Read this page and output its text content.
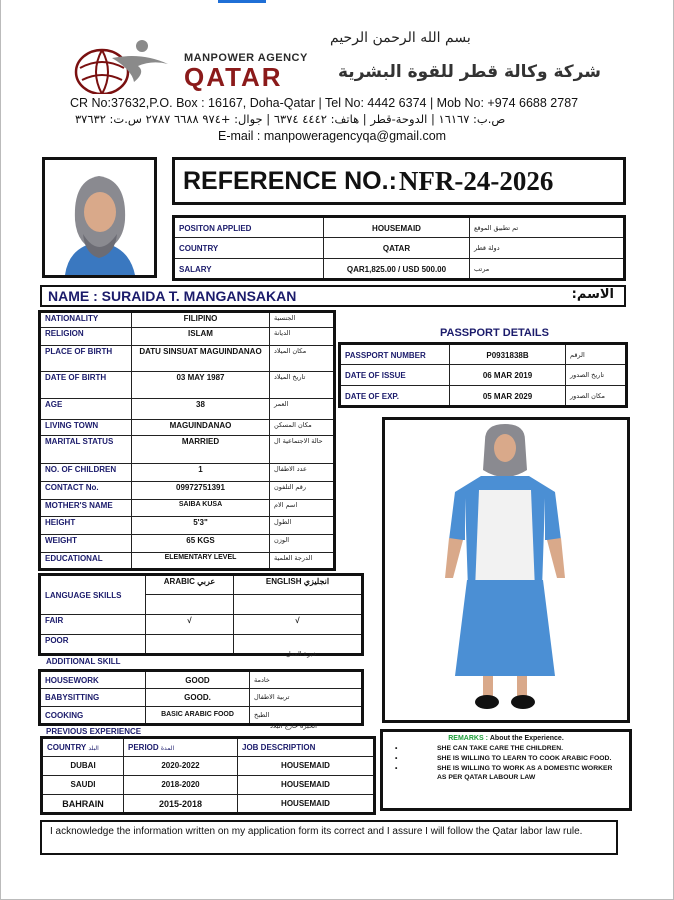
بسم الله الرحمن الرحيم
MANPOWER AGENCY
QATAR	شركة وكالة قطر للقوة البشرية
CR No:37632,P.O. Box : 16167, Doha-Qatar | Tel No: 4442 6374 | Mob No: +974 6688 2787
ص.ب: ١٦١٦٧ | الدوحة-قطر | هاتف: ٤٤٤٢ ٦٣٧٤ | جوال: +٩٧٤ ٦٦٨٨ ٢٧٨٧ س.ت: ٣٧٦٣٢
E-mail : manpoweragencyqa@gmail.com
REFERENCE NO.: NFR-24-2026
POSITON APPLIED	HOUSEMAID	تم تطبيق الموقع
COUNTRY	QATAR	دولة قطر
SALARY	QAR1,825.00 / USD 500.00	مرتب
NAME : SURAIDA T. MANGANSAKAN	الاسم:
NATIONALITY	FILIPINO	الجنسية
RELIGION	ISLAM	الديانة
PLACE OF BIRTH	DATU SINSUAT MAGUINDANAO	مكان الميلاد
DATE OF BIRTH	03 MAY 1987	تاريخ الميلاد
AGE	38	العمر
LIVING TOWN	MAGUINDANAO	مكان المسكن
MARITAL STATUS	MARRIED	حالة الاجتماعية ال
NO. OF CHILDREN	1	عدد الاطفال
CONTACT No.	09972751391	رقم التلفون
MOTHER'S NAME	SAIBA KUSA	اسم الام
HEIGHT	5'3"	الطول
WEIGHT	65 KGS	الوزن
EDUCATIONAL	ELEMENTARY LEVEL	الدرجة العلمية
PASSPORT DETAILS
PASSPORT NUMBER	P0931838B	الرقم
DATE OF ISSUE	06 MAR 2019	تاريخ الصدور
DATE OF EXP.	05 MAR 2029	مكان الصدور
LANGUAGE SKILLS	ARABIC عربي	ENGLISH انجليزي

FAIR	√	√
POOR		
ADDITIONAL SKILL
خبرة العمل
HOUSEWORK	GOOD	خادمة
BABYSITTING	GOOD.	تربية الاطفال
COOKING	BASIC ARABIC FOOD	الطبخ
PREVIOUS EXPERIENCE
الخبرة خارج البلاد
COUNTRY البلد	PERIOD المدة	JOB DESCRIPTION
DUBAI	2020-2022	HOUSEMAID
SAUDI	2018-2020	HOUSEMAID
BAHRAIN	2015-2018	HOUSEMAID
REMARKS : About the Experience.
•	SHE CAN TAKE CARE THE CHILDREN.
•	SHE IS WILLING TO LEARN TO COOK ARABIC FOOD.
•	SHE IS WILLING TO WORK AS A DOMESTIC WORKER AS PER QATAR LABOUR LAW
I acknowledge the information written on my application form its correct and I assure I will follow the Qatar labor law rule.
